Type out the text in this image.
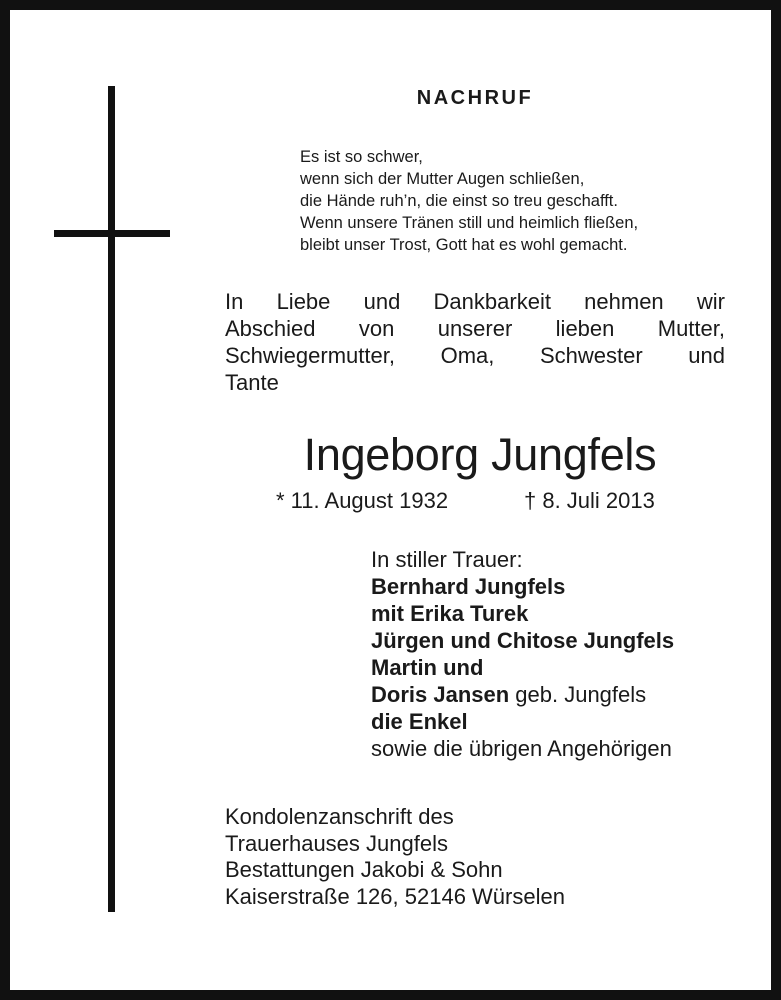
NACHRUF
Es ist so schwer,
wenn sich der Mutter Augen schließen,
die Hände ruh’n, die einst so treu geschafft.
Wenn unsere Tränen still und heimlich fließen,
bleibt unser Trost, Gott hat es wohl gemacht.
In Liebe und Dankbarkeit nehmen wir
Abschied von unserer lieben Mutter,
Schwiegermutter, Oma, Schwester und
Tante
Ingeborg Jungfels
* 11. August 1932	† 8. Juli 2013
In stiller Trauer:
Bernhard Jungfels
mit Erika Turek
Jürgen und Chitose Jungfels
Martin und
Doris Jansen geb. Jungfels
die Enkel
sowie die übrigen Angehörigen
Kondolenzanschrift des
Trauerhauses Jungfels
Bestattungen Jakobi & Sohn
Kaiserstraße 126, 52146 Würselen
